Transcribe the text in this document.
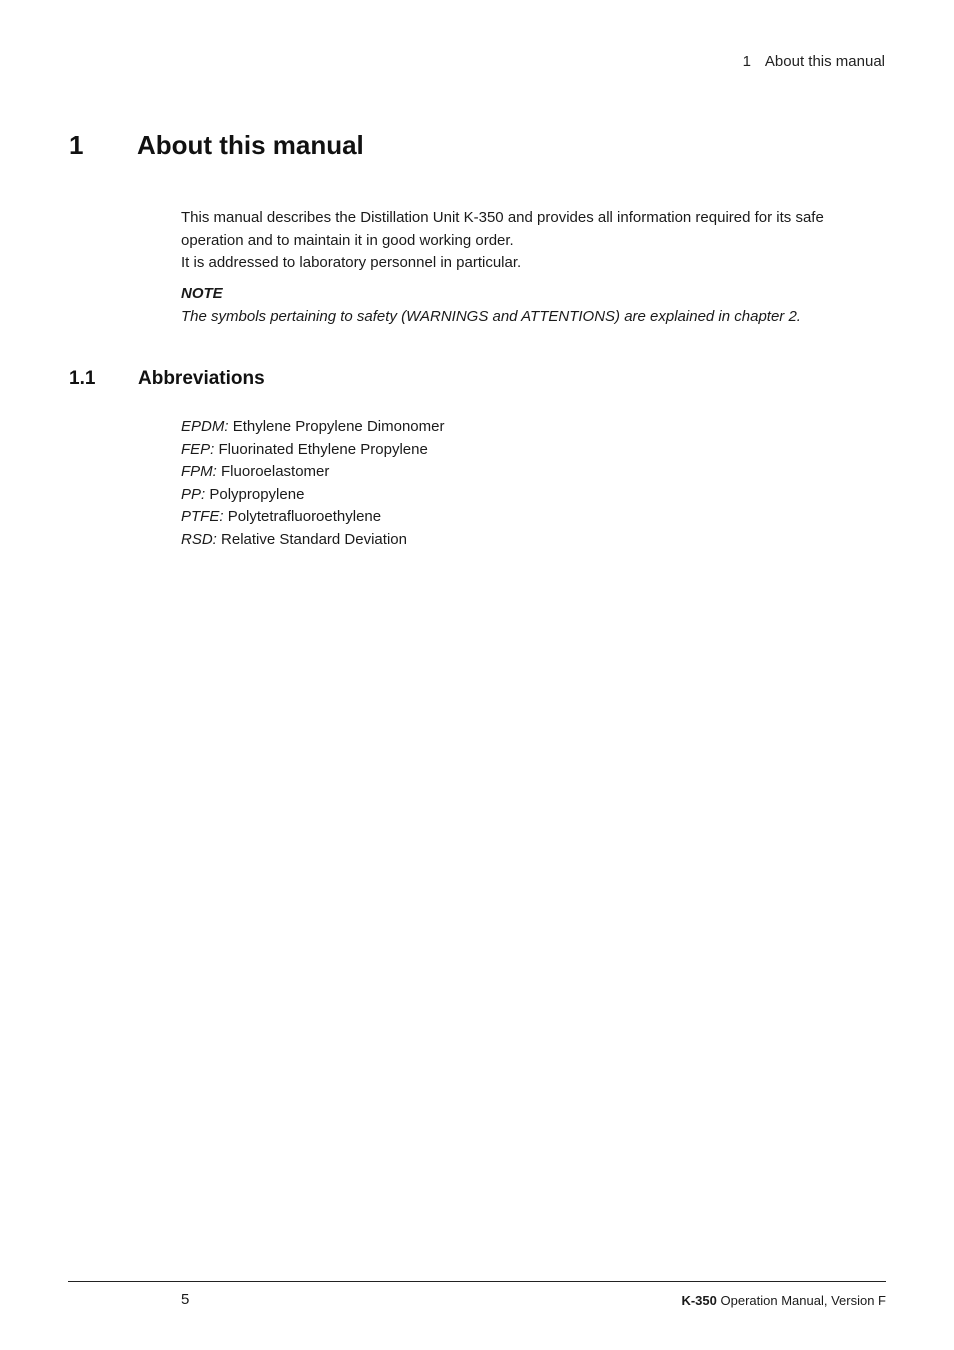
1 About this manual
1 About this manual

This manual describes the Distillation Unit K-350 and provides all information required for its safe operation and to maintain it in good working order.

It is addressed to laboratory personnel in particular.

NOTE

The symbols pertaining to safety (WARNINGS and ATTENTIONS) are explained in chapter 2.

1.1 Abbreviations
EPDM: Ethylene Propylene Dimonomer
FEP: Fluorinated Ethylene Propylene
FPM: Fluoroelastomer
PP: Polypropylene
PTFE: Polytetrafluoroethylene
RSD: Relative Standard Deviation
5	K-350 Operation Manual, Version F
